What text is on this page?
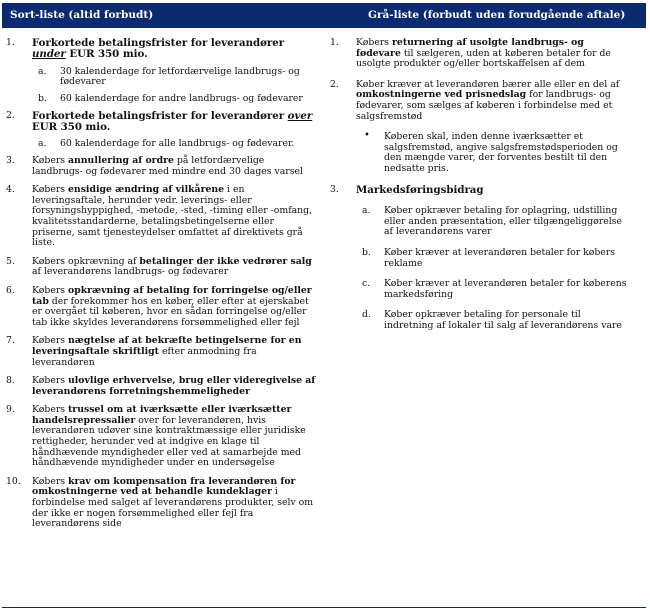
Sort-liste (altid forbudt)	Grå-liste (forbudt uden forudgående aftale)
1. Forkortede betalingsfrister for leverandører under EUR 350 mio.
a. 30 kalenderdage for letfordærvelige landbrugs- og fødevarer
b. 60 kalenderdage for andre landbrugs- og fødevarer
2. Forkortede betalingsfrister for leverandører over EUR 350 mio.
a. 60 kalenderdage for alle landbrugs- og fødevarer.
3. Købers annullering af ordre på letfordærvelige landbrugs- og fødevarer med mindre end 30 dages varsel
4. Købers ensidige ændring af vilkårene i en leveringsaftale, herunder vedr. leverings- eller forsyningshyppighed, -metode, -sted, -timing eller -omfang, kvalitetsstandarderne, betalingsbetingelserne eller priserne, samt tjenesteydelser omfattet af direktivets grå liste.
5. Købers opkrævning af betalinger der ikke vedrører salg af leverandørens landbrugs- og fødevarer
6. Købers opkrævning af betaling for forringelse og/eller tab der forekommer hos en køber, eller efter at ejerskabet er overgået til køberen, hvor en sådan forringelse og/eller tab ikke skyldes leverandørens forsømmelighed eller fejl
7. Købers nægtelse af at bekræfte betingelserne for en leveringsaftale skriftligt efter anmodning fra leverandøren
8. Købers ulovlige erhvervelse, brug eller videregivelse af leverandørens forretningshemmeligheder
9. Købers trussel om at iværksætte eller iværksætter handelsrepressalier over for leverandøren, hvis leverandøren udøver sine kontraktmæssige eller juridiske rettigheder, herunder ved at indgive en klage til håndhævende myndigheder eller ved at samarbejde med håndhævende myndigheder under en undersøgelse
10. Købers krav om kompensation fra leverandøren for omkostningerne ved at behandle kundeklager i forbindelse med salget af leverandørens produkter, selv om der ikke er nogen forsømmelighed eller fejl fra leverandørens side
1. Købers returnering af usolgte landbrugs- og fødevare til sælgeren, uden at køberen betaler for de usolgte produkter og/eller bortskaffelsen af dem
2. Køber kræver at leverandøren bærer alle eller en del af omkostningerne ved prisnedslag for landbrugs- og fødevarer, som sælges af køberen i forbindelse med et salgsfremstød
• Køberen skal, inden denne iværksætter et salgsfremstød, angive salgsfremstødsperioden og den mængde varer, der forventes bestilt til den nedsatte pris.
3. Markedsføringsbidrag
a. Køber opkræver betaling for oplagring, udstilling eller anden præsentation, eller tilgængeliggørelse af leverandørens varer
b. Køber kræver at leverandøren betaler for købers reklame
c. Køber kræver at leverandøren betaler for køberens markedsføring
d. Køber opkræver betaling for personale til indretning af lokaler til salg af leverandørens vare
